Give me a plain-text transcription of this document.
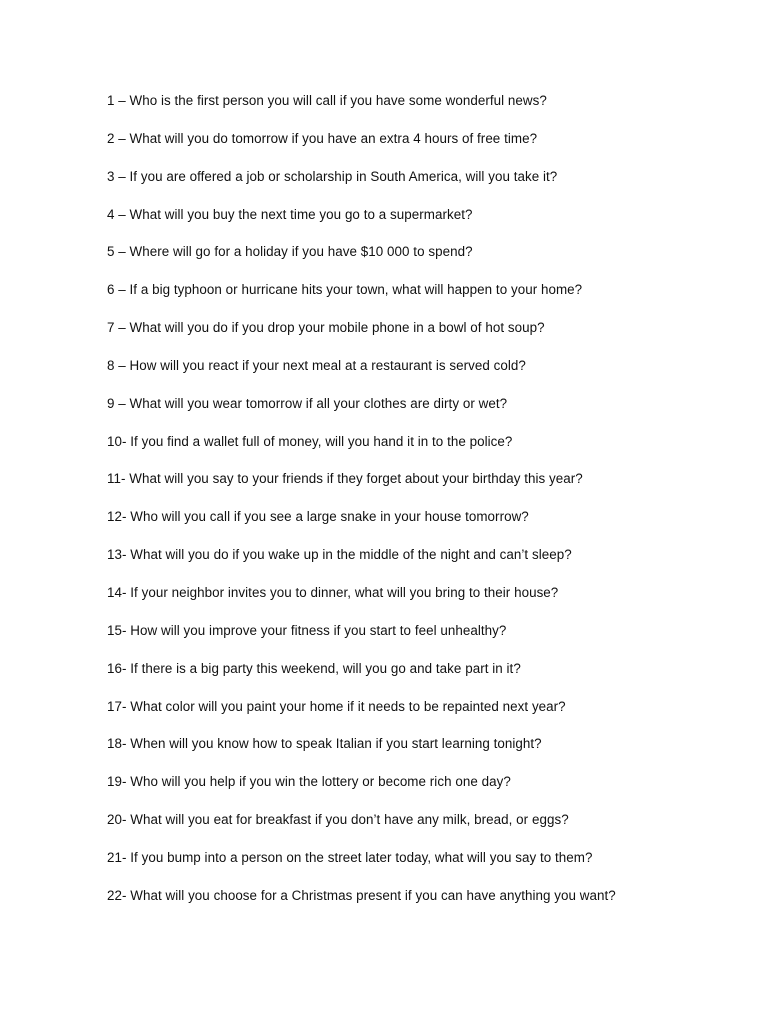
1 – Who is the first person you will call if you have some wonderful news?
2 – What will you do tomorrow if you have an extra 4 hours of free time?
3 – If you are offered a job or scholarship in South America, will you take it?
4 – What will you buy the next time you go to a supermarket?
5 – Where will go for a holiday if you have $10 000 to spend?
6 – If a big typhoon or hurricane hits your town, what will happen to your home?
7 – What will you do if you drop your mobile phone in a bowl of hot soup?
8 – How will you react if your next meal at a restaurant is served cold?
9 – What will you wear tomorrow if all your clothes are dirty or wet?
10- If you find a wallet full of money, will you hand it in to the police?
11- What will you say to your friends if they forget about your birthday this year?
12- Who will you call if you see a large snake in your house tomorrow?
13- What will you do if you wake up in the middle of the night and can’t sleep?
14- If your neighbor invites you to dinner, what will you bring to their house?
15- How will you improve your fitness if you start to feel unhealthy?
16- If there is a big party this weekend, will you go and take part in it?
17- What color will you paint your home if it needs to be repainted next year?
18- When will you know how to speak Italian if you start learning tonight?
19- Who will you help if you win the lottery or become rich one day?
20- What will you eat for breakfast if you don’t have any milk, bread, or eggs?
21- If you bump into a person on the street later today, what will you say to them?
22- What will you choose for a Christmas present if you can have anything you want?
